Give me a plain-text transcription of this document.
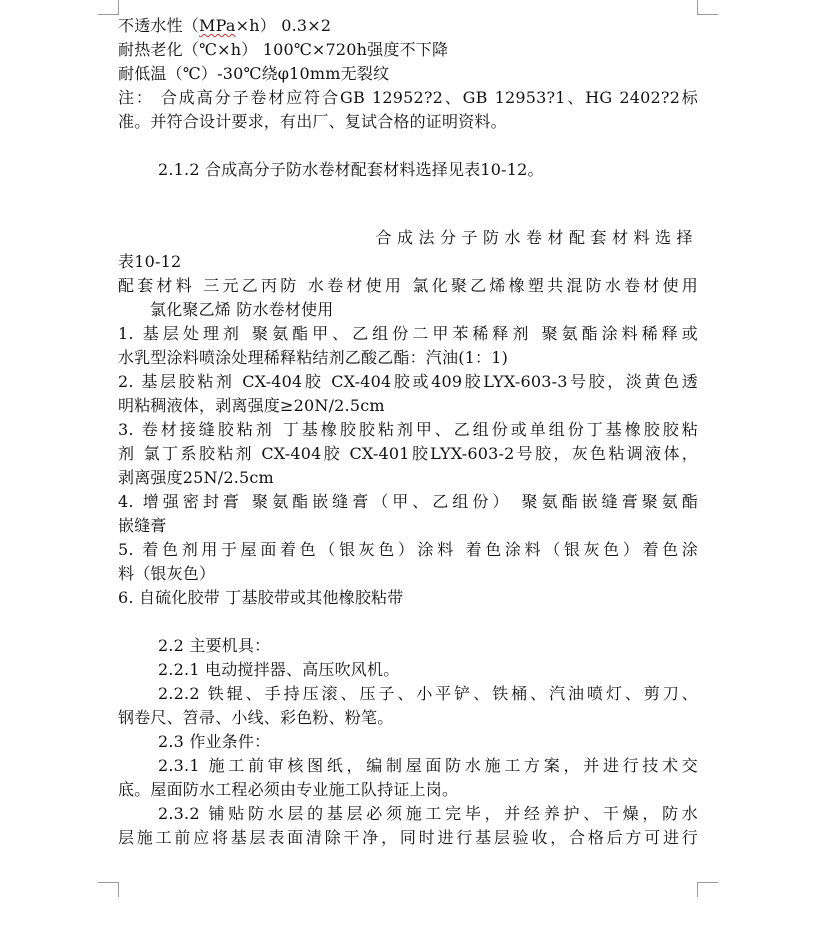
不透水性（MPa×h） 0.3×2
耐热老化（℃×h） 100℃×720h强度不下降
耐低温（℃）-30℃绕φ10mm无裂纹
注： 合成高分子卷材应符合GB 12952?2、GB 12953?1、HG 2402?2标
准。并符合设计要求，有出厂、复试合格的证明资料。
2.1.2 合成高分子防水卷材配套材料选择见表10-12。
合成法分子防水卷材配套材料选择
表10-12
配套材料 三元乙丙防 水卷材使用 氯化聚乙烯橡塑共混防水卷材使用
氯化聚乙烯 防水卷材使用
1. 基层处理剂 聚氨酯甲、乙组份二甲苯稀释剂 聚氨酯涂料稀释或
水乳型涂料喷涂处理稀释粘结剂乙酸乙酯：汽油(1：1)
2. 基层胶粘剂 CX-404胶 CX-404胶或409胶LYX-603-3号胶，淡黄色透
明粘稠液体，剥离强度≥20N/2.5cm
3. 卷材接缝胶粘剂 丁基橡胶胶粘剂甲、乙组份或单组份丁基橡胶胶粘
剂 氯丁系胶粘剂 CX-404胶 CX-401胶LYX-603-2号胶，灰色粘调液体，
剥离强度25N/2.5cm
4. 增强密封膏 聚氨酯嵌缝膏（甲、乙组份） 聚氨酯嵌缝膏聚氨酯
嵌缝膏
5. 着色剂用于屋面着色（银灰色）涂料 着色涂料（银灰色）着色涂
料（银灰色）
6. 自硫化胶带 丁基胶带或其他橡胶粘带
2.2 主要机具：
2.2.1 电动搅拌器、高压吹风机。
2.2.2 铁辊、手持压滚、压子、小平铲、铁桶、汽油喷灯、剪刀、
钢卷尺、笤帚、小线、彩色粉、粉笔。
2.3 作业条件：
2.3.1 施工前审核图纸，编制屋面防水施工方案，并进行技术交
底。屋面防水工程必须由专业施工队持证上岗。
2.3.2 铺贴防水层的基层必须施工完毕，并经养护、干燥，防水
层施工前应将基层表面清除干净，同时进行基层验收，合格后方可进行
